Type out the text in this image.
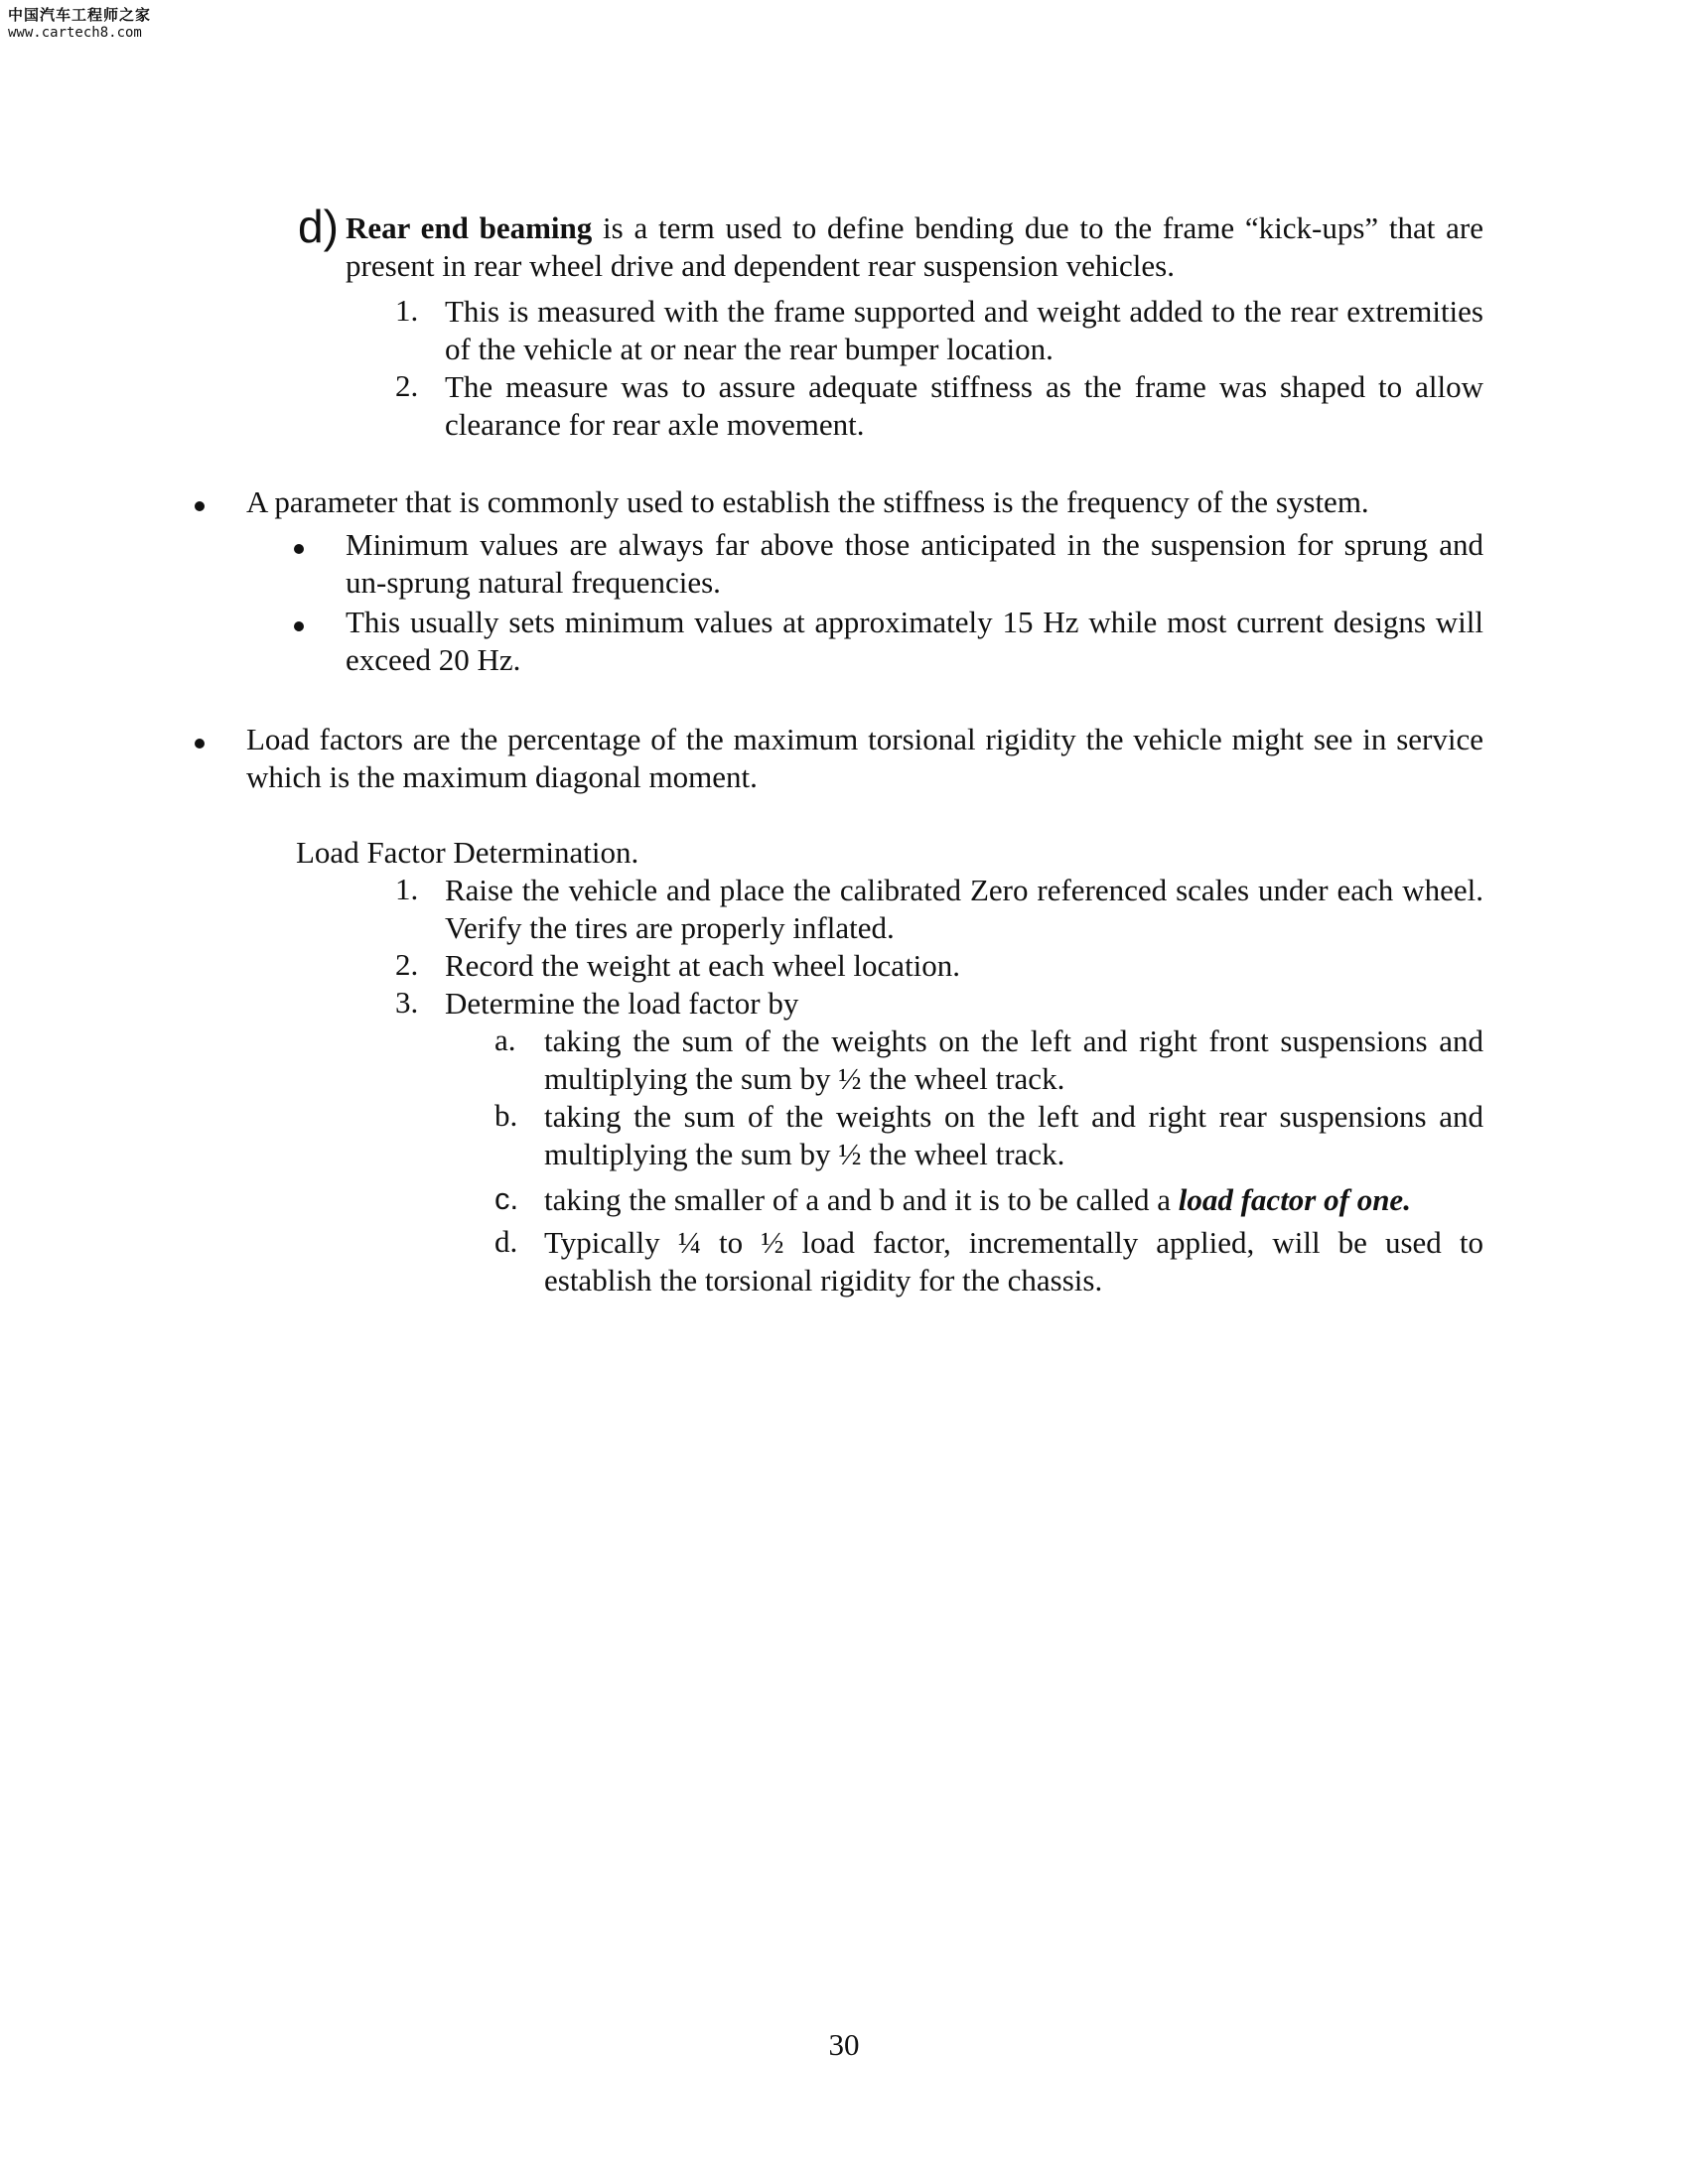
中国汽车工程师之家
www.cartech8.com
d) Rear end beaming is a term used to define bending due to the frame “kick-ups” that are present in rear wheel drive and dependent rear suspension vehicles.

1. This is measured with the frame supported and weight added to the rear extremities of the vehicle at or near the rear bumper location.

2. The measure was to assure adequate stiffness as the frame was shaped to allow clearance for rear axle movement.

A parameter that is commonly used to establish the stiffness is the frequency of the system.

Minimum values are always far above those anticipated in the suspension for sprung and un-sprung natural frequencies.

This usually sets minimum values at approximately 15 Hz while most current designs will exceed 20 Hz.

Load factors are the percentage of the maximum torsional rigidity the vehicle might see in service which is the maximum diagonal moment.

Load Factor Determination.

1. Raise the vehicle and place the calibrated Zero referenced scales under each wheel. Verify the tires are properly inflated.

2. Record the weight at each wheel location.

3. Determine the load factor by

a. taking the sum of the weights on the left and right front suspensions and multiplying the sum by ½ the wheel track.

b. taking the sum of the weights on the left and right rear suspensions and multiplying the sum by ½ the wheel track.

c. taking the smaller of a and b and it is to be called a load factor of one.

d. Typically ¼ to ½ load factor, incrementally applied, will be used to establish the torsional rigidity for the chassis.

30
